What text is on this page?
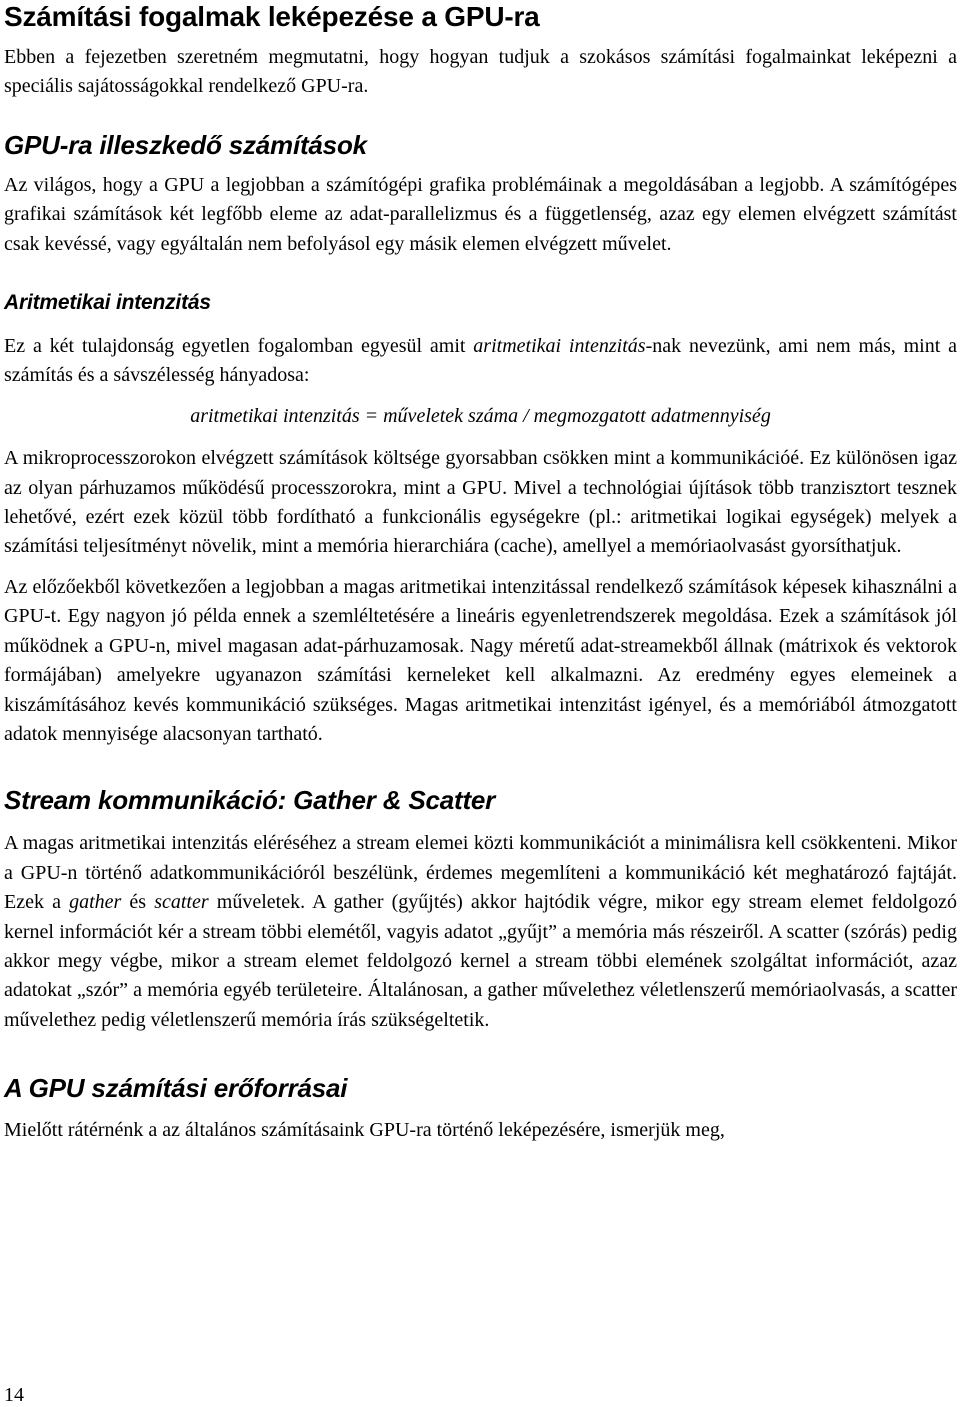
Számítási fogalmak leképezése a GPU-ra

Ebben a fejezetben szeretném megmutatni, hogy hogyan tudjuk a szokásos számítási fogalmainkat leképezni a speciális sajátosságokkal rendelkező GPU-ra.

GPU-ra illeszkedő számítások

Az világos, hogy a GPU a legjobban a számítógépi grafika problémáinak a megoldásában a legjobb. A számítógépes grafikai számítások két legfőbb eleme az adat-parallelizmus és a függetlenség, azaz egy elemen elvégzett számítást csak kevéssé, vagy egyáltalán nem befolyásol egy másik elemen elvégzett művelet.

Aritmetikai intenzitás

Ez a két tulajdonság egyetlen fogalomban egyesül amit aritmetikai intenzitás-nak nevezünk, ami nem más, mint a számítás és a sávszélesség hányadosa:

aritmetikai intenzitás = műveletek száma / megmozgatott adatmennyiség

A mikroprocesszorokon elvégzett számítások költsége gyorsabban csökken mint a kommunikációé. Ez különösen igaz az olyan párhuzamos működésű processzorokra, mint a GPU. Mivel a technológiai újítások több tranzisztort tesznek lehetővé, ezért ezek közül több fordítható a funkcionális egységekre (pl.: aritmetikai logikai egységek) melyek a számítási teljesítményt növelik, mint a memória hierarchiára (cache), amellyel a memóriaolvasást gyorsíthatjuk.

Az előzőekből következően a legjobban a magas aritmetikai intenzitással rendelkező számítások képesek kihasználni a GPU-t. Egy nagyon jó példa ennek a szemléltetésére a lineáris egyenletrendszerek megoldása. Ezek a számítások jól működnek a GPU-n, mivel magasan adat-párhuzamosak. Nagy méretű adat-streamekből állnak (mátrixok és vektorok formájában) amelyekre ugyanazon számítási kerneleket kell alkalmazni. Az eredmény egyes elemeinek a kiszámításához kevés kommunikáció szükséges. Magas aritmetikai intenzitást igényel, és a memóriából átmozgatott adatok mennyisége alacsonyan tartható.

Stream kommunikáció: Gather & Scatter

A magas aritmetikai intenzitás eléréséhez a stream elemei közti kommunikációt a minimálisra kell csökkenteni. Mikor a GPU-n történő adatkommunikációról beszélünk, érdemes megemlíteni a kommunikáció két meghatározó fajtáját. Ezek a gather és scatter műveletek. A gather (gyűjtés) akkor hajtódik végre, mikor egy stream elemet feldolgozó kernel információt kér a stream többi elemétől, vagyis adatot „gyűjt” a memória más részeiről. A scatter (szórás) pedig akkor megy végbe, mikor a stream elemet feldolgozó kernel a stream többi elemének szolgáltat információt, azaz adatokat „szór” a memória egyéb területeire. Általánosan, a gather művelethez véletlenszerű memóriaolvasás, a scatter művelethez pedig véletlenszerű memória írás szükségeltetik.

A GPU számítási erőforrásai

Mielőtt rátérnénk a az általános számításaink GPU-ra történő leképezésére, ismerjük meg,

14
